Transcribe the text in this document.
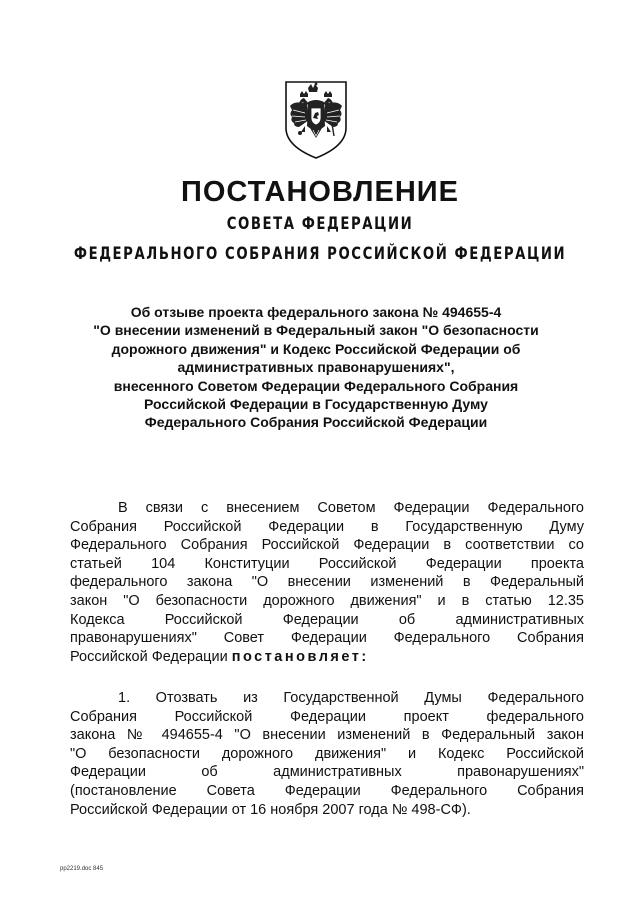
ПОСТАНОВЛЕНИЕ
СОВЕТА ФЕДЕРАЦИИ
ФЕДЕРАЛЬНОГО СОБРАНИЯ РОССИЙСКОЙ ФЕДЕРАЦИИ
Об отзыве проекта федерального закона № 494655-4
"О внесении изменений в Федеральный закон "О безопасности
дорожного движения" и Кодекс Российской Федерации об
административных правонарушениях",
внесенного Советом Федерации Федерального Собрания
Российской Федерации в Государственную Думу
Федерального Собрания Российской Федерации
В связи с внесением Советом Федерации Федерального
Собрания Российской Федерации в Государственную Думу
Федерального Собрания Российской Федерации в соответствии со
статьей 104 Конституции Российской Федерации проекта
федерального закона "О внесении изменений в Федеральный
закон "О безопасности дорожного движения" и в статью 12.35
Кодекса Российской Федерации об административных
правонарушениях" Совет Федерации Федерального Собрания
Российской Федерации постановляет:
1. Отозвать из Государственной Думы Федерального
Собрания Российской Федерации проект федерального
закона № 494655-4 "О внесении изменений в Федеральный закон
"О безопасности дорожного движения" и Кодекс Российской
Федерации об административных правонарушениях"
(постановление Совета Федерации Федерального Собрания
Российской Федерации от 16 ноября 2007 года № 498-СФ).
pp2219.doc 845
